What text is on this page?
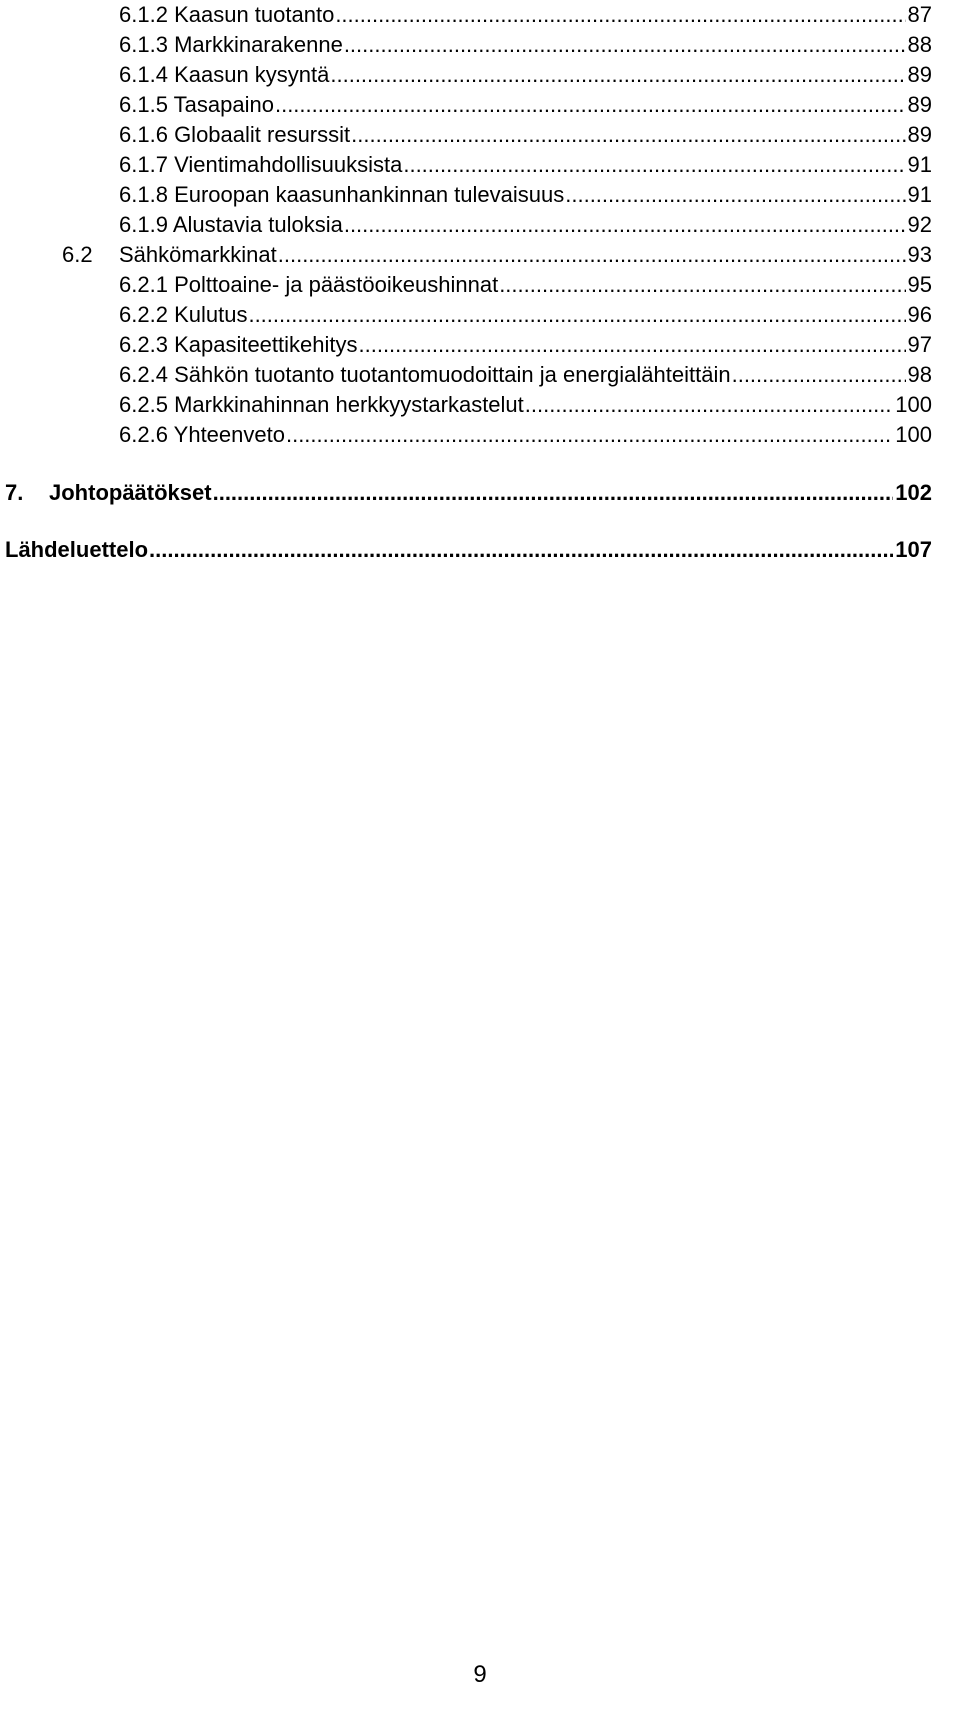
6.1.2 Kaasun tuotanto .....	87
6.1.3 Markkinarakenne .....	88
6.1.4 Kaasun kysyntä .....	89
6.1.5 Tasapaino .....	89
6.1.6 Globaalit resurssit .....	89
6.1.7 Vientimahdollisuuksista .....	91
6.1.8 Euroopan kaasunhankinnan tulevaisuus .....	91
6.1.9 Alustavia tuloksia .....	92
6.2 Sähkömarkkinat .....	93
6.2.1 Polttoaine- ja päästöoikeushinnat .....	95
6.2.2 Kulutus .....	96
6.2.3 Kapasiteettikehitys .....	97
6.2.4 Sähkön tuotanto tuotantomuodoittain ja energialähteittäin .....	98
6.2.5 Markkinahinnan herkkyystarkastelut .....	100
6.2.6 Yhteenveto .....	100
7. Johtopäätökset .....	102
Lähdeluettelo .....	107
9
